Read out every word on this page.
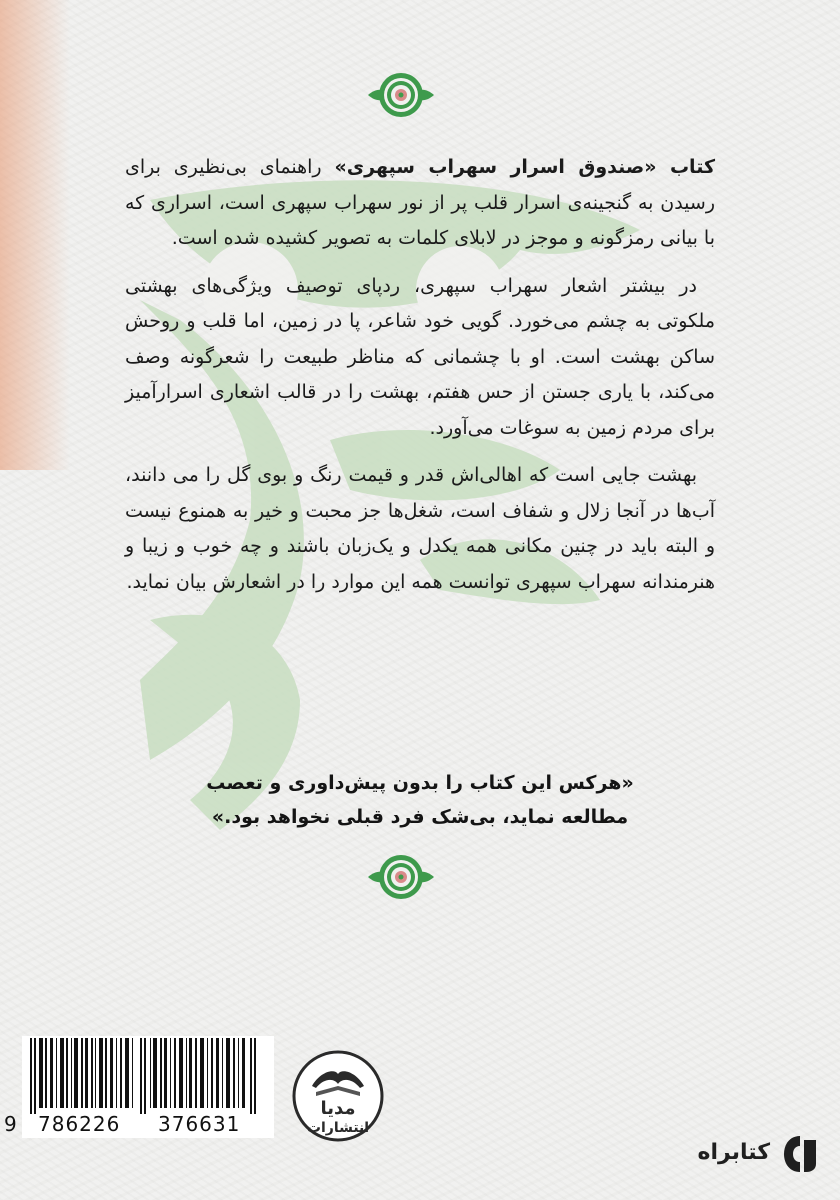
کتاب «صندوق اسرار سهراب سپهری» راهنمای بی‌نظیری برای رسیدن به گنجینه‌ی اسرار قلب پر از نور سهراب سپهری است، اسراری که با بیانی رمزگونه و موجز در لابلای کلمات به تصویر کشیده شده است.

در بیشتر اشعار سهراب سپهری، ردپای توصیف ویژگی‌های بهشتی ملکوتی به چشم می‌خورد. گویی خود شاعر، پا در زمین، اما قلب و روحش ساکن بهشت است. او با چشمانی که مناظر طبیعت را شعرگونه وصف می‌کند، با یاری جستن از حس هفتم، بهشت را در قالب اشعاری اسرارآمیز برای مردم زمین به سوغات می‌آورد.

بهشت جایی است که اهالی‌اش قدر و قیمت رنگ و بوی گل را می دانند، آب‌ها در آنجا زلال و شفاف است، شغل‌ها جز محبت و خیر به همنوع نیست و البته باید در چنین مکانی همه یکدل و یک‌زبان باشند و چه خوب و زیبا و هنرمندانه سهراب سپهری توانست همه این موارد را در اشعارش بیان نماید.

«هرکس این کتاب را بدون پیش‌داوری و تعصب
مطالعه نماید، بی‌شک فرد قبلی نخواهد بود.»
9 786226 376631
مدیا
انتشارات
کتابراه
